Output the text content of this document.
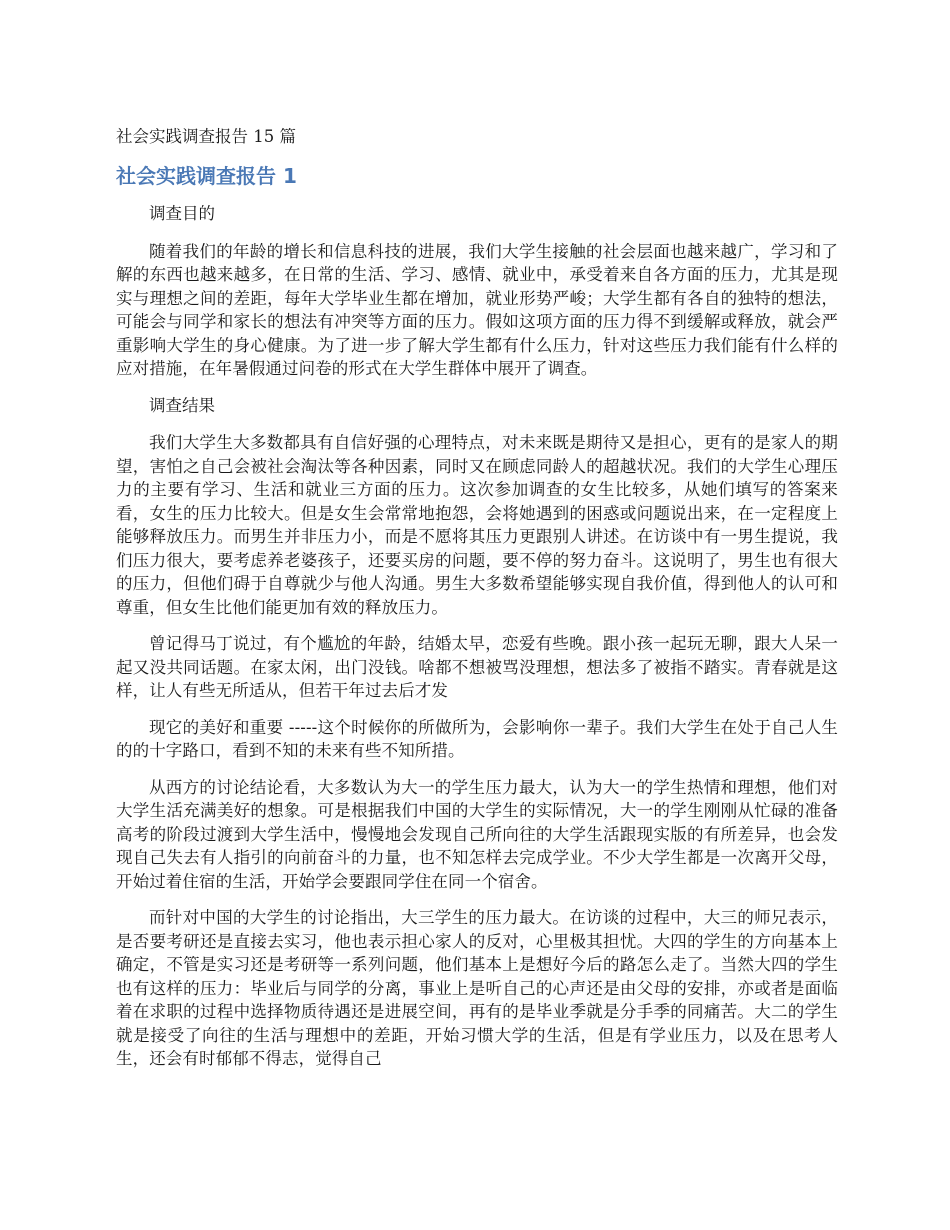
社会实践调查报告 15 篇
社会实践调查报告 1
调查目的
随着我们的年龄的增长和信息科技的进展，我们大学生接触的社会层面也越来越广，学习和了解的东西也越来越多，在日常的生活、学习、感情、就业中，承受着来自各方面的压力，尤其是现实与理想之间的差距，每年大学毕业生都在增加，就业形势严峻；大学生都有各自的独特的想法，可能会与同学和家长的想法有冲突等方面的压力。假如这项方面的压力得不到缓解或释放，就会严重影响大学生的身心健康。为了进一步了解大学生都有什么压力，针对这些压力我们能有什么样的应对措施，在年暑假通过问卷的形式在大学生群体中展开了调查。
调查结果
我们大学生大多数都具有自信好强的心理特点，对未来既是期待又是担心，更有的是家人的期望，害怕之自己会被社会淘汰等各种因素，同时又在顾虑同龄人的超越状况。我们的大学生心理压力的主要有学习、生活和就业三方面的压力。这次参加调查的女生比较多，从她们填写的答案来看，女生的压力比较大。但是女生会常常地抱怨，会将她遇到的困惑或问题说出来，在一定程度上能够释放压力。而男生并非压力小，而是不愿将其压力更跟别人讲述。在访谈中有一男生提说，我们压力很大，要考虑养老婆孩子，还要买房的问题，要不停的努力奋斗。这说明了，男生也有很大的压力，但他们碍于自尊就少与他人沟通。男生大多数希望能够实现自我价值，得到他人的认可和尊重，但女生比他们能更加有效的释放压力。
曾记得马丁说过，有个尴尬的年龄，结婚太早，恋爱有些晚。跟小孩一起玩无聊，跟大人呆一起又没共同话题。在家太闲，出门没钱。啥都不想被骂没理想，想法多了被指不踏实。青春就是这样，让人有些无所适从，但若干年过去后才发
现它的美好和重要 -----这个时候你的所做所为，会影响你一辈子。我们大学生在处于自己人生的的十字路口，看到不知的未来有些不知所措。
从西方的讨论结论看，大多数认为大一的学生压力最大，认为大一的学生热情和理想，他们对大学生活充满美好的想象。可是根据我们中国的大学生的实际情况，大一的学生刚刚从忙碌的准备高考的阶段过渡到大学生活中，慢慢地会发现自己所向往的大学生活跟现实版的有所差异，也会发现自己失去有人指引的向前奋斗的力量，也不知怎样去完成学业。不少大学生都是一次离开父母，开始过着住宿的生活，开始学会要跟同学住在同一个宿舍。
而针对中国的大学生的讨论指出，大三学生的压力最大。在访谈的过程中，大三的师兄表示，是否要考研还是直接去实习，他也表示担心家人的反对，心里极其担忧。大四的学生的方向基本上确定，不管是实习还是考研等一系列问题，他们基本上是想好今后的路怎么走了。当然大四的学生也有这样的压力：毕业后与同学的分离，事业上是听自己的心声还是由父母的安排，亦或者是面临着在求职的过程中选择物质待遇还是进展空间，再有的是毕业季就是分手季的同痛苦。大二的学生就是接受了向往的生活与理想中的差距，开始习惯大学的生活，但是有学业压力，以及在思考人生，还会有时郁郁不得志，觉得自己
